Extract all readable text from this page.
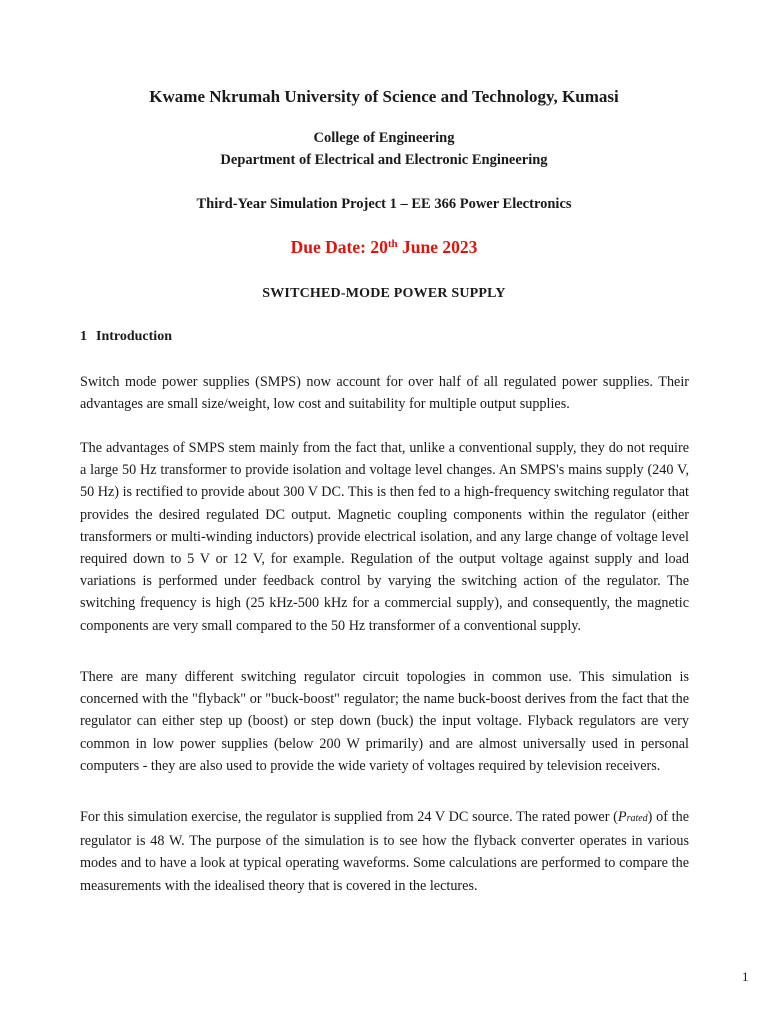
Kwame Nkrumah University of Science and Technology, Kumasi
College of Engineering
Department of Electrical and Electronic Engineering
Third-Year Simulation Project 1 – EE 366 Power Electronics
Due Date: 20th June 2023
SWITCHED-MODE POWER SUPPLY
1 Introduction

Switch mode power supplies (SMPS) now account for over half of all regulated power supplies. Their advantages are small size/weight, low cost and suitability for multiple output supplies.

The advantages of SMPS stem mainly from the fact that, unlike a conventional supply, they do not require a large 50 Hz transformer to provide isolation and voltage level changes. An SMPS's mains supply (240 V, 50 Hz) is rectified to provide about 300 V DC. This is then fed to a high-frequency switching regulator that provides the desired regulated DC output. Magnetic coupling components within the regulator (either transformers or multi-winding inductors) provide electrical isolation, and any large change of voltage level required down to 5 V or 12 V, for example. Regulation of the output voltage against supply and load variations is performed under feedback control by varying the switching action of the regulator. The switching frequency is high (25 kHz-500 kHz for a commercial supply), and consequently, the magnetic components are very small compared to the 50 Hz transformer of a conventional supply.

There are many different switching regulator circuit topologies in common use. This simulation is concerned with the "flyback" or "buck-boost" regulator; the name buck-boost derives from the fact that the regulator can either step up (boost) or step down (buck) the input voltage. Flyback regulators are very common in low power supplies (below 200 W primarily) and are almost universally used in personal computers - they are also used to provide the wide variety of voltages required by television receivers.

For this simulation exercise, the regulator is supplied from 24 V DC source. The rated power (Prated) of the regulator is 48 W. The purpose of the simulation is to see how the flyback converter operates in various modes and to have a look at typical operating waveforms. Some calculations are performed to compare the measurements with the idealised theory that is covered in the lectures.

1
